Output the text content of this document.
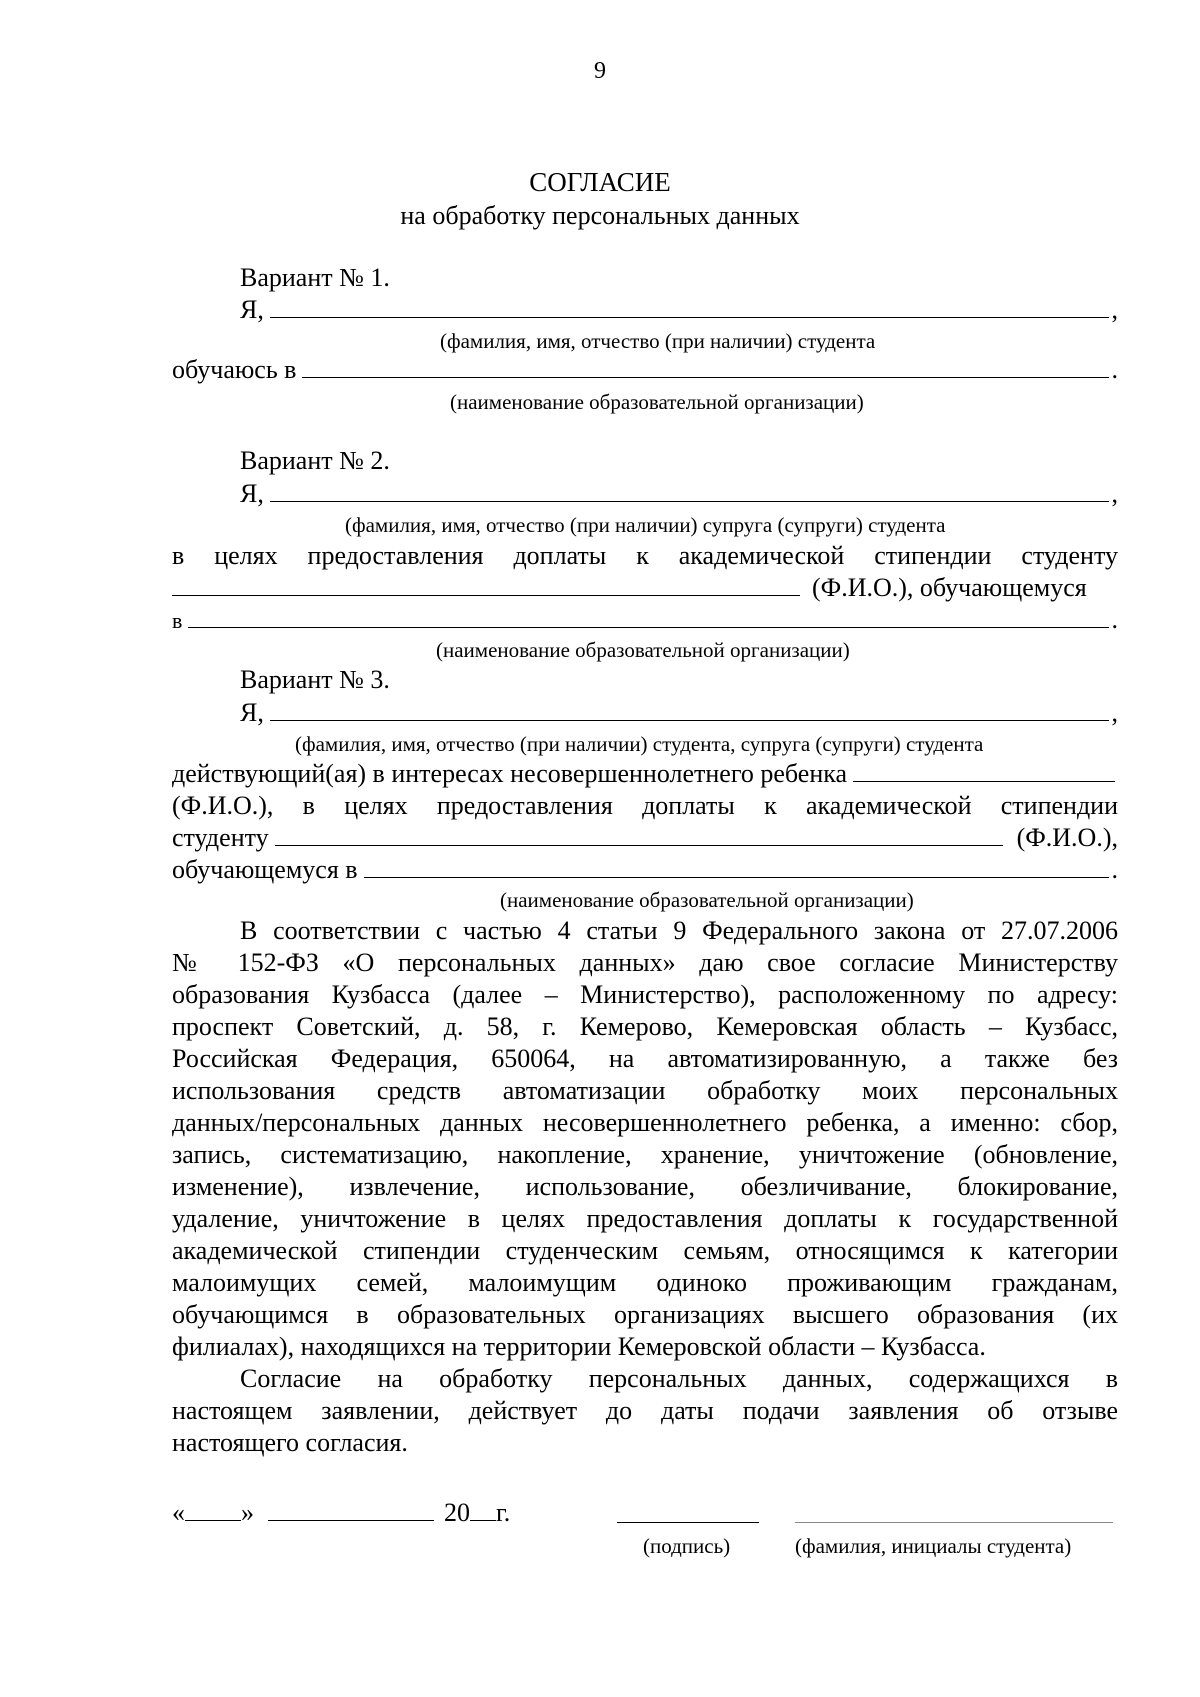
9
СОГЛАСИЕ
на обработку персональных данных
Вариант № 1.
Я,	,
(фамилия, имя, отчество (при наличии) студента
обучаюсь в	.
(наименование образовательной организации)
Вариант № 2.
Я,	,
(фамилия, имя, отчество (при наличии) супруга (супруги) студента
в целях предоставления доплаты к академической стипендии студенту
(Ф.И.О.), обучающемуся
в	.
(наименование образовательной организации)
Вариант № 3.
Я,	,
(фамилия, имя, отчество (при наличии) студента, супруга (супруги) студента
действующий(ая) в интересах несовершеннолетнего ребенка
(Ф.И.О.), в целях предоставления доплаты к академической стипендии
студенту	(Ф.И.О.),
обучающемуся в	.
(наименование образовательной организации)
В соответствии с частью 4 статьи 9 Федерального закона от 27.07.2006
№ 152-ФЗ «О персональных данных» даю свое согласие Министерству
образования Кузбасса (далее – Министерство), расположенному по адресу:
проспект Советский, д. 58, г. Кемерово, Кемеровская область – Кузбасс,
Российская Федерация, 650064, на автоматизированную, а также без
использования средств автоматизации обработку моих персональных
данных/персональных данных несовершеннолетнего ребенка, а именно: сбор,
запись, систематизацию, накопление, хранение, уничтожение (обновление,
изменение), извлечение, использование, обезличивание, блокирование,
удаление, уничтожение в целях предоставления доплаты к государственной
академической стипендии студенческим семьям, относящимся к категории
малоимущих семей, малоимущим одиноко проживающим гражданам,
обучающимся в образовательных организациях высшего образования (их
филиалах), находящихся на территории Кемеровской области – Кузбасса.
Согласие на обработку персональных данных, содержащихся в
настоящем заявлении, действует до даты подачи заявления об отзыве
настоящего согласия.
« »	20 г.
(подпись)	(фамилия, инициалы студента)
